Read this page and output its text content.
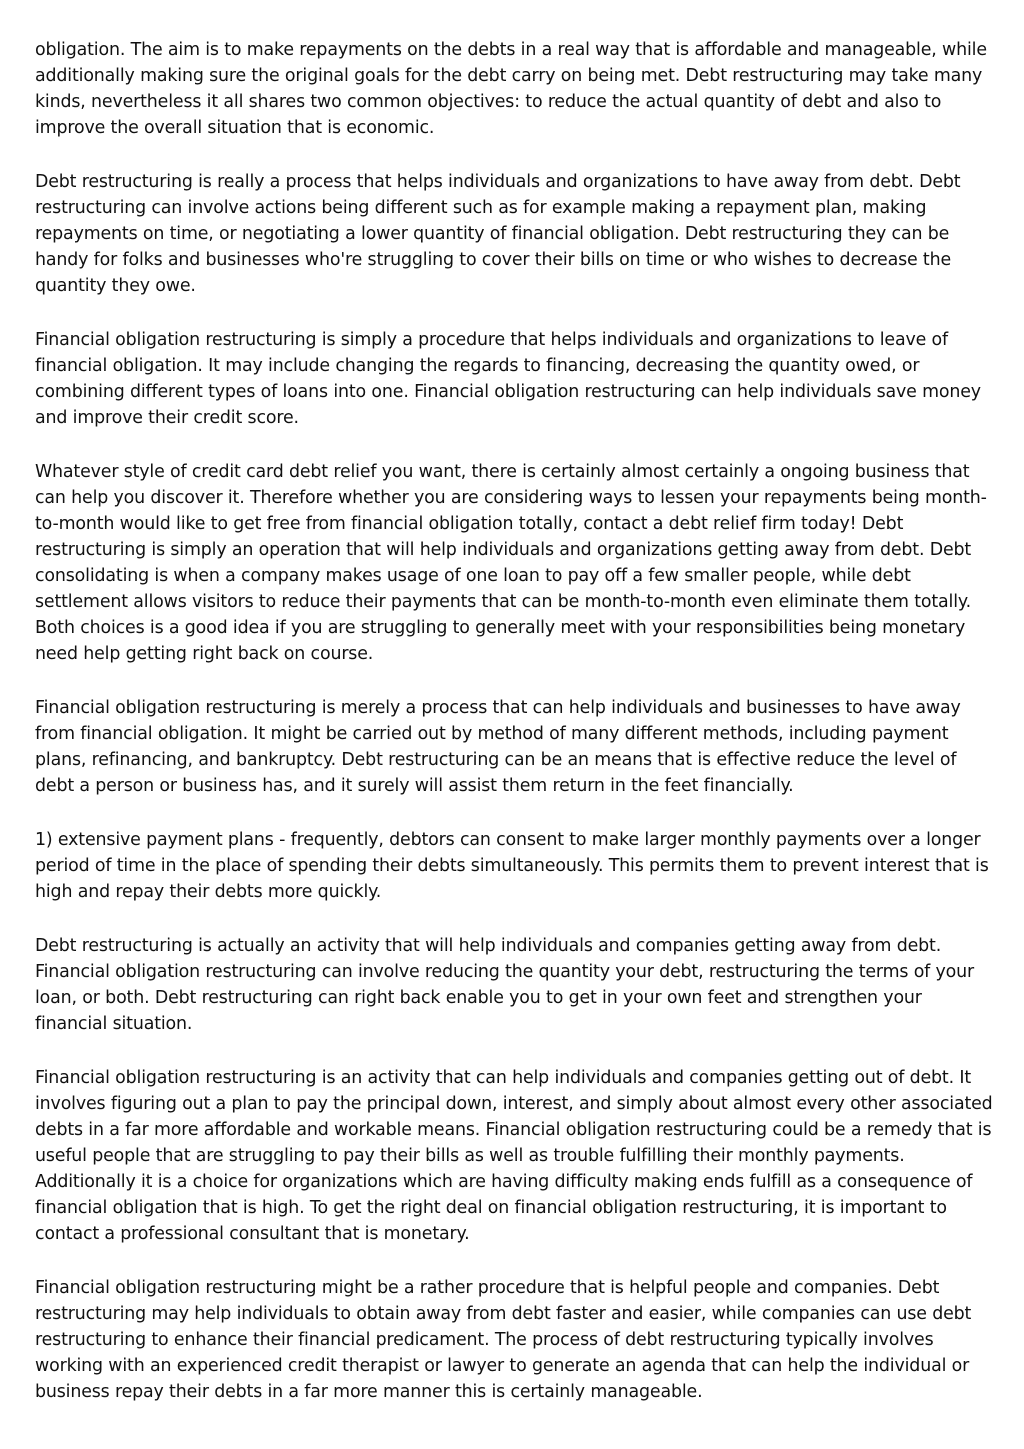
obligation. The aim is to make repayments on the debts in a real way that is affordable and manageable, while additionally making sure the original goals for the debt carry on being met. Debt restructuring may take many kinds, nevertheless it all shares two common objectives: to reduce the actual quantity of debt and also to improve the overall situation that is economic.

Debt restructuring is really a process that helps individuals and organizations to have away from debt. Debt restructuring can involve actions being different such as for example making a repayment plan, making repayments on time, or negotiating a lower quantity of financial obligation. Debt restructuring they can be handy for folks and businesses who're struggling to cover their bills on time or who wishes to decrease the quantity they owe.

Financial obligation restructuring is simply a procedure that helps individuals and organizations to leave of financial obligation. It may include changing the regards to financing, decreasing the quantity owed, or combining different types of loans into one. Financial obligation restructuring can help individuals save money and improve their credit score.

Whatever style of credit card debt relief you want, there is certainly almost certainly a ongoing business that can help you discover it. Therefore whether you are considering ways to lessen your repayments being month-to-month would like to get free from financial obligation totally, contact a debt relief firm today! Debt restructuring is simply an operation that will help individuals and organizations getting away from debt. Debt consolidating is when a company makes usage of one loan to pay off a few smaller people, while debt settlement allows visitors to reduce their payments that can be month-to-month even eliminate them totally. Both choices is a good idea if you are struggling to generally meet with your responsibilities being monetary need help getting right back on course.

Financial obligation restructuring is merely a process that can help individuals and businesses to have away from financial obligation. It might be carried out by method of many different methods, including payment plans, refinancing, and bankruptcy. Debt restructuring can be an means that is effective reduce the level of debt a person or business has, and it surely will assist them return in the feet financially.

1) extensive payment plans - frequently, debtors can consent to make larger monthly payments over a longer period of time in the place of spending their debts simultaneously. This permits them to prevent interest that is high and repay their debts more quickly.

Debt restructuring is actually an activity that will help individuals and companies getting away from debt. Financial obligation restructuring can involve reducing the quantity your debt, restructuring the terms of your loan, or both. Debt restructuring can right back enable you to get in your own feet and strengthen your financial situation.

Financial obligation restructuring is an activity that can help individuals and companies getting out of debt. It involves figuring out a plan to pay the principal down, interest, and simply about almost every other associated debts in a far more affordable and workable means. Financial obligation restructuring could be a remedy that is useful people that are struggling to pay their bills as well as trouble fulfilling their monthly payments. Additionally it is a choice for organizations which are having difficulty making ends fulfill as a consequence of financial obligation that is high. To get the right deal on financial obligation restructuring, it is important to contact a professional consultant that is monetary.

Financial obligation restructuring might be a rather procedure that is helpful people and companies. Debt restructuring may help individuals to obtain away from debt faster and easier, while companies can use debt restructuring to enhance their financial predicament. The process of debt restructuring typically involves working with an experienced credit therapist or lawyer to generate an agenda that can help the individual or business repay their debts in a far more manner this is certainly manageable.
